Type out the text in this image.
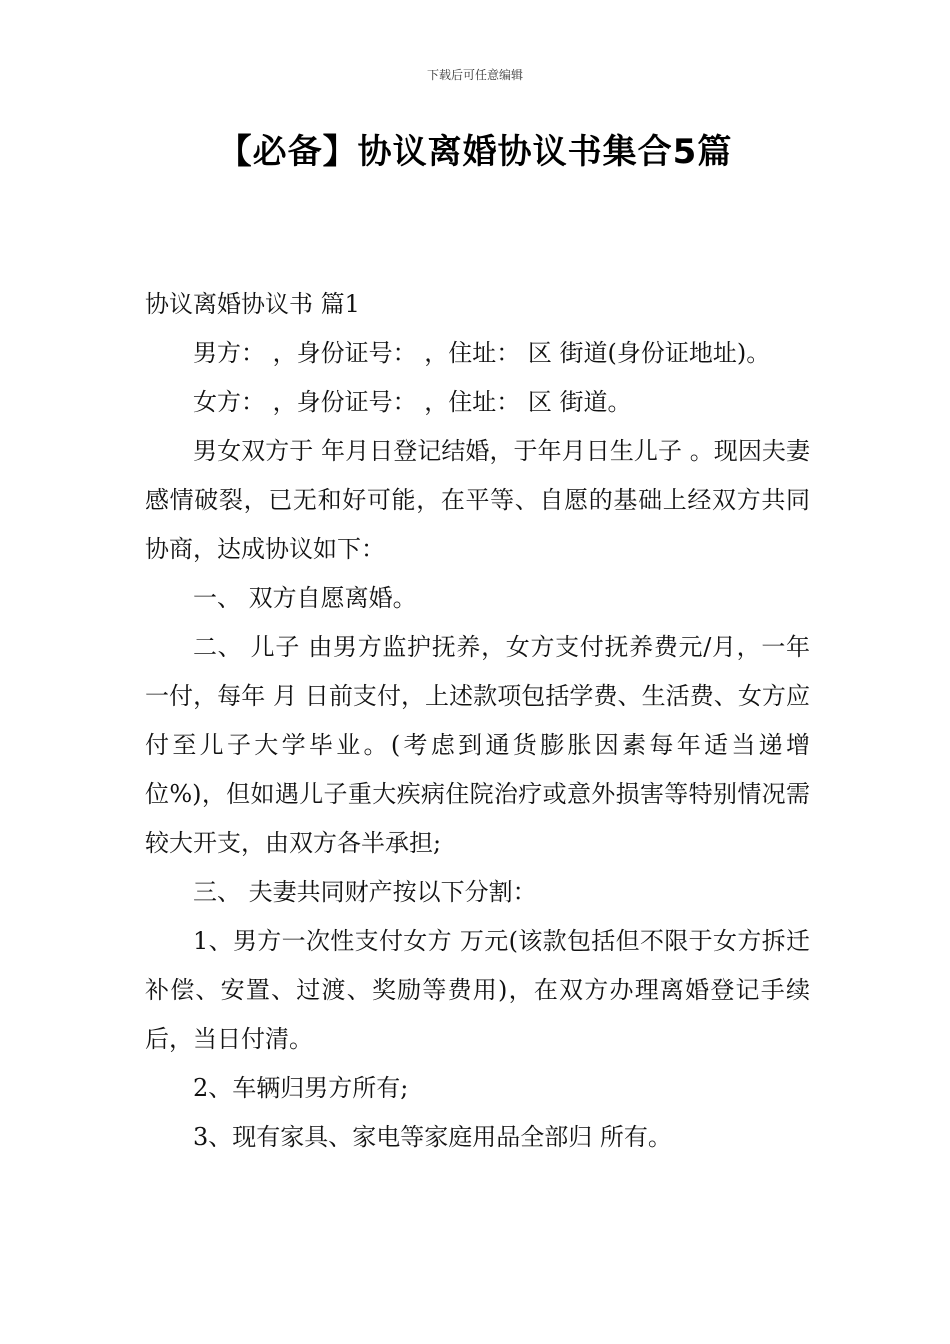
下载后可任意编辑
【必备】协议离婚协议书集合5篇

协议离婚协议书 篇1

男方： ，身份证号： ，住址： 区 街道(身份证地址)。

女方： ，身份证号： ，住址： 区 街道。

男女双方于 年月日登记结婚，于年月日生儿子 。现因夫妻感情破裂，已无和好可能，在平等、自愿的基础上经双方共同协商，达成协议如下：

一、 双方自愿离婚。

二、 儿子 由男方监护抚养，女方支付抚养费元/月，一年一付，每年 月 日前支付，上述款项包括学费、生活费、女方应付至儿子大学毕业。(考虑到通货膨胀因素每年适当递增位%)，但如遇儿子重大疾病住院治疗或意外损害等特别情况需较大开支，由双方各半承担;

三、 夫妻共同财产按以下分割：

1、男方一次性支付女方 万元(该款包括但不限于女方拆迁补偿、安置、过渡、奖励等费用)，在双方办理离婚登记手续后，当日付清。

2、车辆归男方所有;

3、现有家具、家电等家庭用品全部归 所有。
